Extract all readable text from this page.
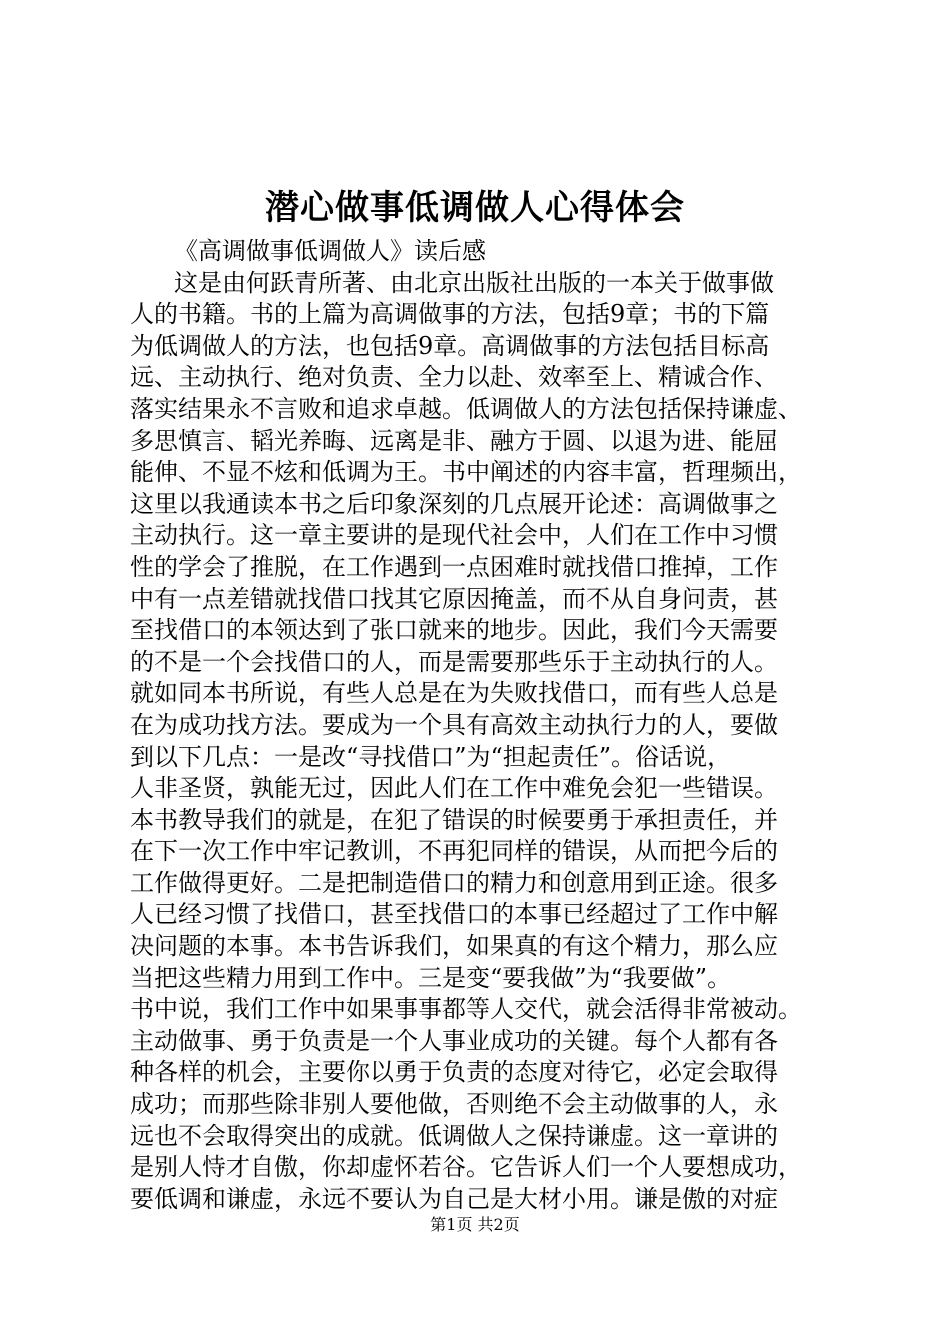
潜心做事低调做人心得体会
《高调做事低调做人》读后感
这是由何跃青所著、由北京出版社出版的一本关于做事做
人的书籍。书的上篇为高调做事的方法，包括9章；书的下篇
为低调做人的方法，也包括9章。高调做事的方法包括目标高
远、主动执行、绝对负责、全力以赴、效率至上、精诚合作、
落实结果永不言败和追求卓越。低调做人的方法包括保持谦虚、
多思慎言、韬光养晦、远离是非、融方于圆、以退为进、能屈
能伸、不显不炫和低调为王。书中阐述的内容丰富，哲理频出，
这里以我通读本书之后印象深刻的几点展开论述：高调做事之
主动执行。这一章主要讲的是现代社会中，人们在工作中习惯
性的学会了推脱，在工作遇到一点困难时就找借口推掉，工作
中有一点差错就找借口找其它原因掩盖，而不从自身问责，甚
至找借口的本领达到了张口就来的地步。因此，我们今天需要
的不是一个会找借口的人，而是需要那些乐于主动执行的人。
就如同本书所说，有些人总是在为失败找借口，而有些人总是
在为成功找方法。要成为一个具有高效主动执行力的人，要做
到以下几点：一是改“寻找借口”为“担起责任”。俗话说，
人非圣贤，孰能无过，因此人们在工作中难免会犯一些错误。
本书教导我们的就是，在犯了错误的时候要勇于承担责任，并
在下一次工作中牢记教训，不再犯同样的错误，从而把今后的
工作做得更好。二是把制造借口的精力和创意用到正途。很多
人已经习惯了找借口，甚至找借口的本事已经超过了工作中解
决问题的本事。本书告诉我们，如果真的有这个精力，那么应
当把这些精力用到工作中。三是变“要我做”为“我要做”。
书中说，我们工作中如果事事都等人交代，就会活得非常被动。
主动做事、勇于负责是一个人事业成功的关键。每个人都有各
种各样的机会，主要你以勇于负责的态度对待它，必定会取得
成功；而那些除非别人要他做，否则绝不会主动做事的人，永
远也不会取得突出的成就。低调做人之保持谦虚。这一章讲的
是别人恃才自傲，你却虚怀若谷。它告诉人们一个人要想成功，
要低调和谦虚，永远不要认为自己是大材小用。谦是傲的对症
第1页 共2页
